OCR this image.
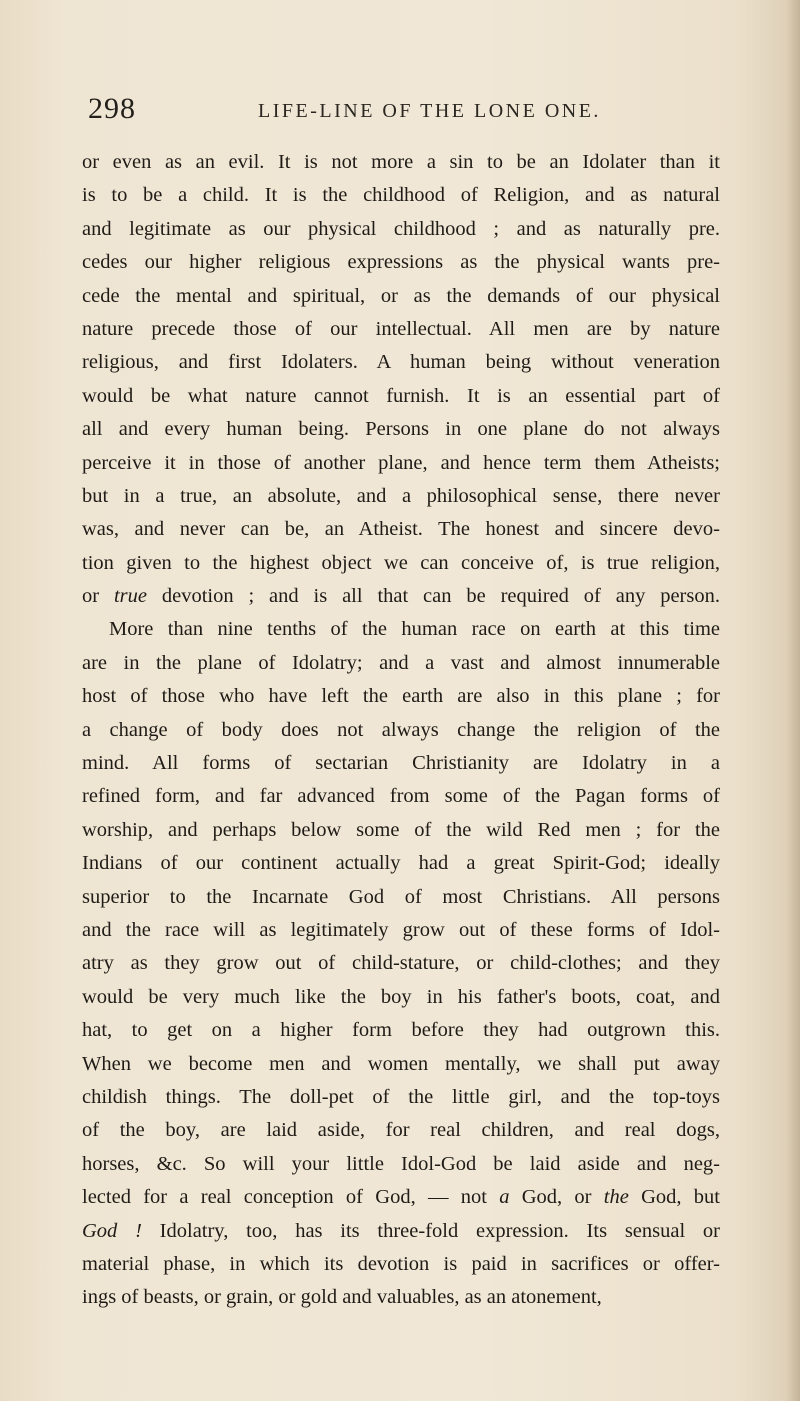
298	LIFE-LINE OF THE LONE ONE.
or even as an evil. It is not more a sin to be an Idolater than it
is to be a child. It is the childhood of Religion, and as natural
and legitimate as our physical childhood ; and as naturally pre.
cedes our higher religious expressions as the physical wants pre-
cede the mental and spiritual, or as the demands of our physical
nature precede those of our intellectual. All men are by nature
religious, and first Idolaters. A human being without veneration
would be what nature cannot furnish. It is an essential part of
all and every human being. Persons in one plane do not always
perceive it in those of another plane, and hence term them Atheists;
but in a true, an absolute, and a philosophical sense, there never
was, and never can be, an Atheist. The honest and sincere devo-
tion given to the highest object we can conceive of, is true religion,
or true devotion ; and is all that can be required of any person.
More than nine tenths of the human race on earth at this time
are in the plane of Idolatry; and a vast and almost innumerable
host of those who have left the earth are also in this plane ; for
a change of body does not always change the religion of the
mind. All forms of sectarian Christianity are Idolatry in a
refined form, and far advanced from some of the Pagan forms of
worship, and perhaps below some of the wild Red men ; for the
Indians of our continent actually had a great Spirit-God; ideally
superior to the Incarnate God of most Christians. All persons
and the race will as legitimately grow out of these forms of Idol-
atry as they grow out of child-stature, or child-clothes; and they
would be very much like the boy in his father's boots, coat, and
hat, to get on a higher form before they had outgrown this.
When we become men and women mentally, we shall put away
childish things. The doll-pet of the little girl, and the top-toys
of the boy, are laid aside, for real children, and real dogs,
horses, &c. So will your little Idol-God be laid aside and neg-
lected for a real conception of God, — not a God, or the God, but
God ! Idolatry, too, has its three-fold expression. Its sensual or
material phase, in which its devotion is paid in sacrifices or offer-
ings of beasts, or grain, or gold and valuables, as an atonement,
